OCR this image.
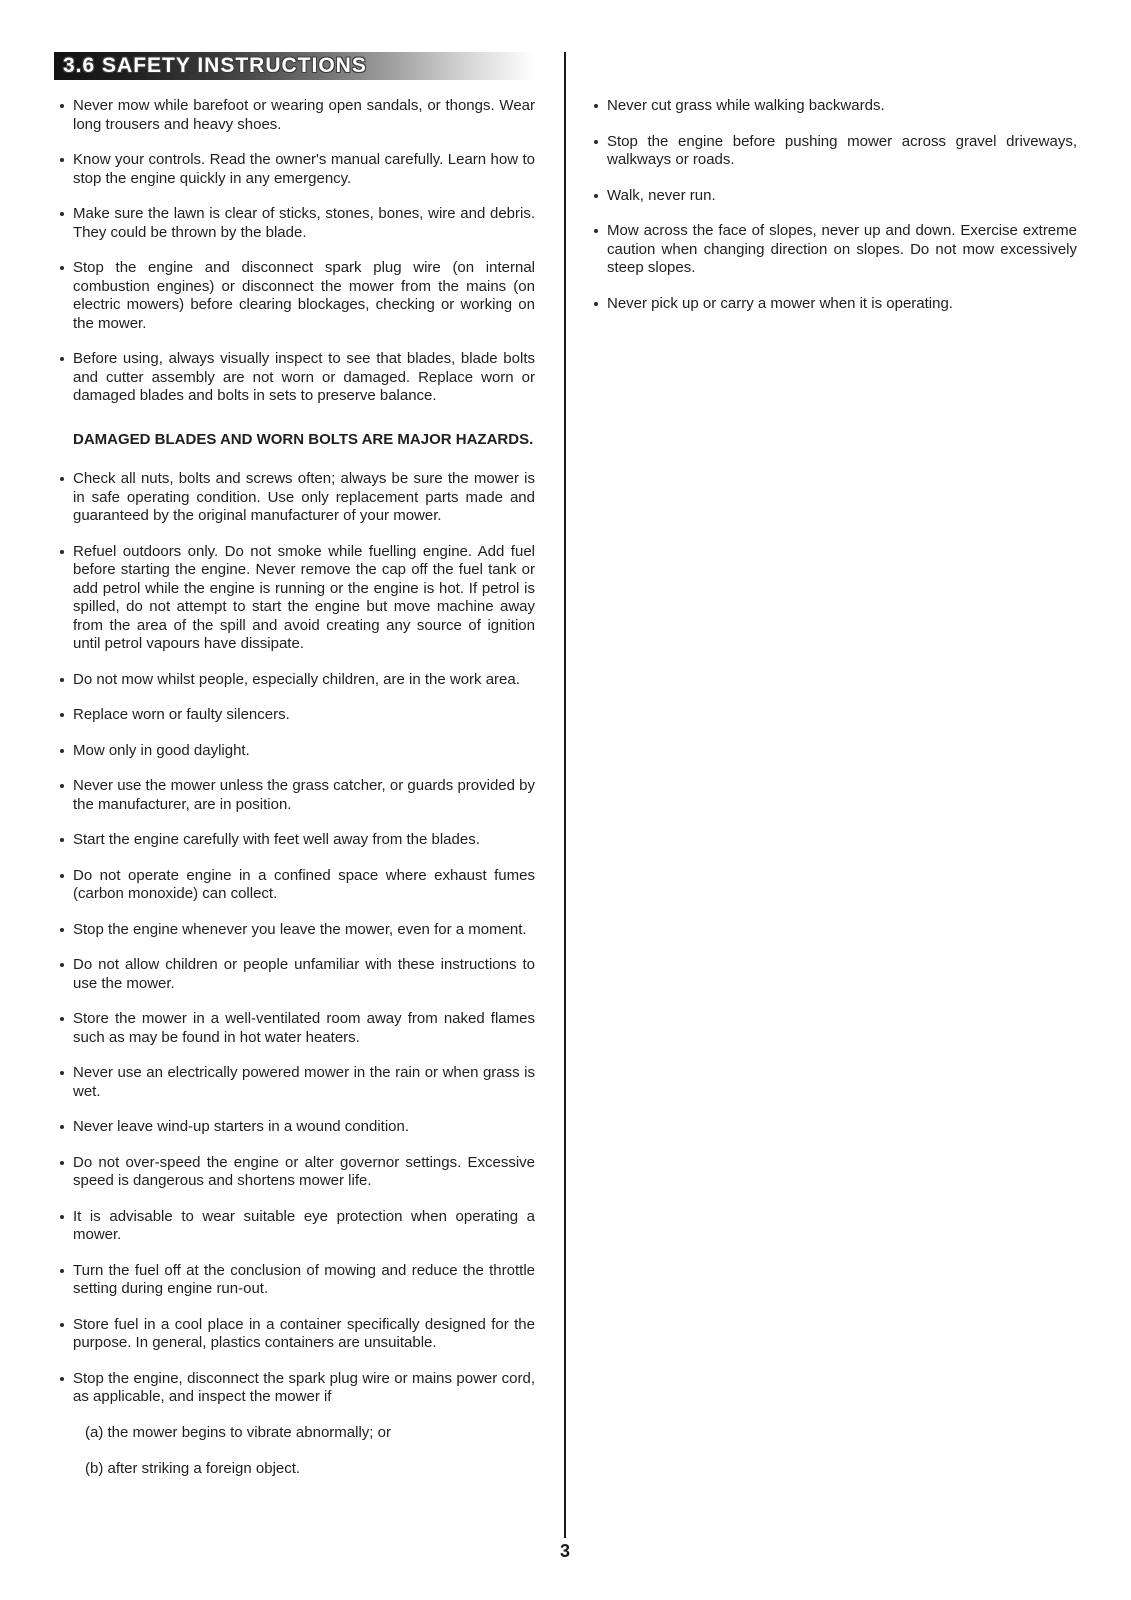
3.6 SAFETY INSTRUCTIONS

Never mow while barefoot or wearing open sandals, or thongs. Wear long trousers and heavy shoes.

Know your controls. Read the owner's manual carefully. Learn how to stop the engine quickly in any emergency.

Make sure the lawn is clear of sticks, stones, bones, wire and debris. They could be thrown by the blade.

Stop the engine and disconnect spark plug wire (on internal combustion engines) or disconnect the mower from the mains (on electric mowers) before clearing blockages, checking or working on the mower.

Before using, always visually inspect to see that blades, blade bolts and cutter assembly are not worn or damaged. Replace worn or damaged blades and bolts in sets to preserve balance.

DAMAGED BLADES AND WORN BOLTS ARE MAJOR HAZARDS.

Check all nuts, bolts and screws often; always be sure the mower is in safe operating condition. Use only replacement parts made and guaranteed by the original manufacturer of your mower.

Refuel outdoors only. Do not smoke while fuelling engine. Add fuel before starting the engine. Never remove the cap off the fuel tank or add petrol while the engine is running or the engine is hot. If petrol is spilled, do not attempt to start the engine but move machine away from the area of the spill and avoid creating any source of ignition until petrol vapours have dissipate.

Do not mow whilst people, especially children, are in the work area.

Replace worn or faulty silencers.

Mow only in good daylight.

Never use the mower unless the grass catcher, or guards provided by the manufacturer, are in position.

Start the engine carefully with feet well away from the blades.

Do not operate engine in a confined space where exhaust fumes (carbon monoxide) can collect.

Stop the engine whenever you leave the mower, even for a moment.

Do not allow children or people unfamiliar with these instructions to use the mower.

Store the mower in a well-ventilated room away from naked flames such as may be found in hot water heaters.

Never use an electrically powered mower in the rain or when grass is wet.

Never leave wind-up starters in a wound condition.

Do not over-speed the engine or alter governor settings. Excessive speed is dangerous and shortens mower life.

It is advisable to wear suitable eye protection when operating a mower.

Turn the fuel off at the conclusion of mowing and reduce the throttle setting during engine run-out.

Store fuel in a cool place in a container specifically designed for the purpose. In general, plastics containers are unsuitable.

Stop the engine, disconnect the spark plug wire or mains power cord, as applicable, and inspect the mower if

(a) the mower begins to vibrate abnormally; or

(b) after striking a foreign object.

Never cut grass while walking backwards.

Stop the engine before pushing mower across gravel driveways, walkways or roads.

Walk, never run.

Mow across the face of slopes, never up and down. Exercise extreme caution when changing direction on slopes. Do not mow excessively steep slopes.

Never pick up or carry a mower when it is operating.

3
